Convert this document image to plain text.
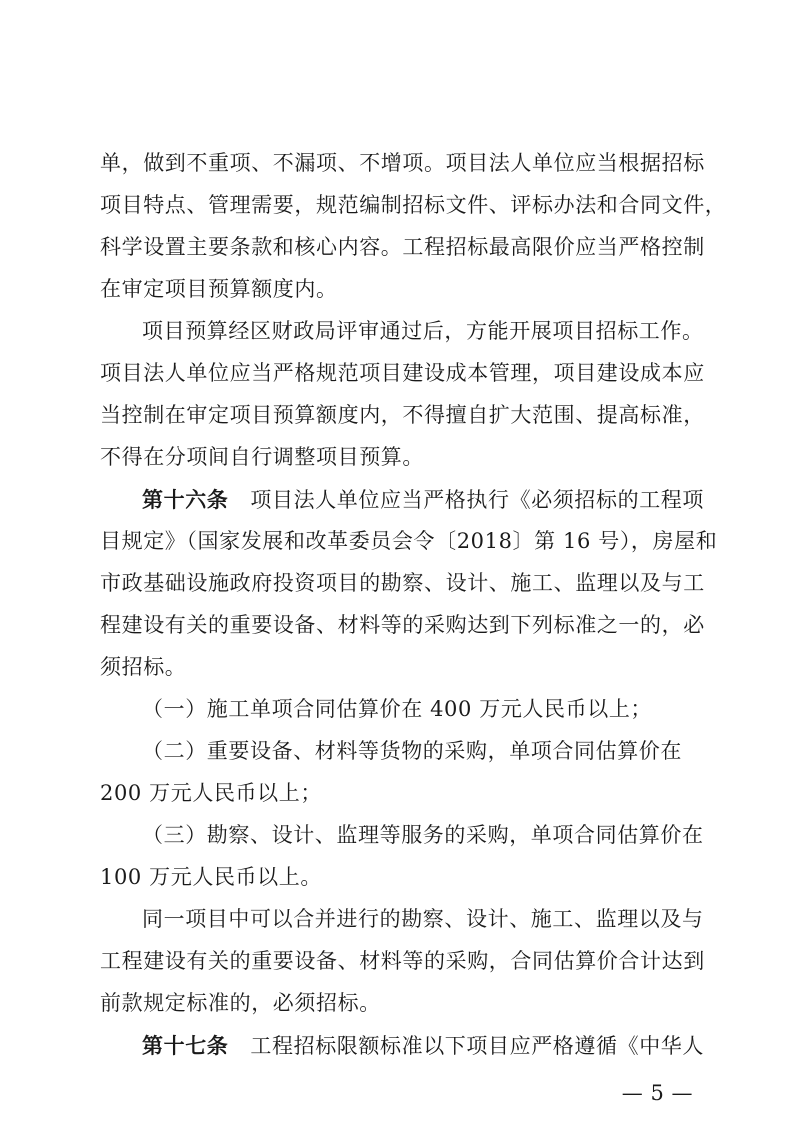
单，做到不重项、不漏项、不增项。项目法人单位应当根据招标
项目特点、管理需要，规范编制招标文件、评标办法和合同文件，
科学设置主要条款和核心内容。工程招标最高限价应当严格控制
在审定项目预算额度内。
项目预算经区财政局评审通过后，方能开展项目招标工作。
项目法人单位应当严格规范项目建设成本管理，项目建设成本应
当控制在审定项目预算额度内，不得擅自扩大范围、提高标准，
不得在分项间自行调整项目预算。
第十六条 项目法人单位应当严格执行《必须招标的工程项
目规定》（国家发展和改革委员会令〔2018〕第 16 号），房屋和
市政基础设施政府投资项目的勘察、设计、施工、监理以及与工
程建设有关的重要设备、材料等的采购达到下列标准之一的，必
须招标。
（一）施工单项合同估算价在 400 万元人民币以上；
（二）重要设备、材料等货物的采购，单项合同估算价在
200 万元人民币以上；
（三）勘察、设计、监理等服务的采购，单项合同估算价在
100 万元人民币以上。
同一项目中可以合并进行的勘察、设计、施工、监理以及与
工程建设有关的重要设备、材料等的采购，合同估算价合计达到
前款规定标准的，必须招标。
第十七条 工程招标限额标准以下项目应严格遵循《中华人
— 5 —
